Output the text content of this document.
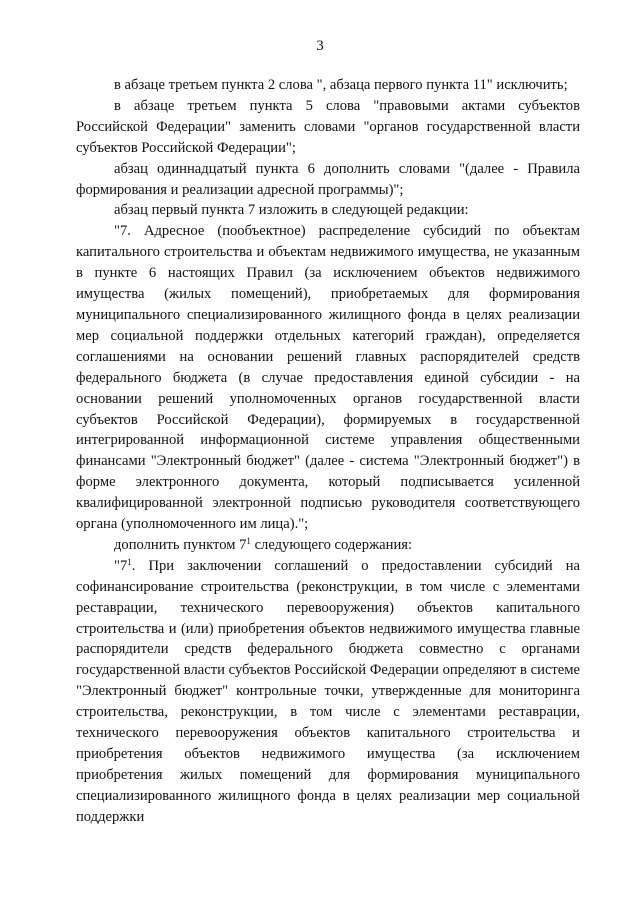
3

в абзаце третьем пункта 2 слова ", абзаца первого пункта 11" исключить;

в абзаце третьем пункта 5 слова "правовыми актами субъектов Российской Федерации" заменить словами "органов государственной власти субъектов Российской Федерации";

абзац одиннадцатый пункта 6 дополнить словами "(далее - Правила формирования и реализации адресной программы)";

абзац первый пункта 7 изложить в следующей редакции:

"7. Адресное (пообъектное) распределение субсидий по объектам капитального строительства и объектам недвижимого имущества, не указанным в пункте 6 настоящих Правил (за исключением объектов недвижимого имущества (жилых помещений), приобретаемых для формирования муниципального специализированного жилищного фонда в целях реализации мер социальной поддержки отдельных категорий граждан), определяется соглашениями на основании решений главных распорядителей средств федерального бюджета (в случае предоставления единой субсидии - на основании решений уполномоченных органов государственной власти субъектов Российской Федерации), формируемых в государственной интегрированной информационной системе управления общественными финансами "Электронный бюджет" (далее - система "Электронный бюджет") в форме электронного документа, который подписывается усиленной квалифицированной электронной подписью руководителя соответствующего органа (уполномоченного им лица).";

дополнить пунктом $7^1$ следующего содержания:

"$7^1$. При заключении соглашений о предоставлении субсидий на софинансирование строительства (реконструкции, в том числе с элементами реставрации, технического перевооружения) объектов капитального строительства и (или) приобретения объектов недвижимого имущества главные распорядители средств федерального бюджета совместно с органами государственной власти субъектов Российской Федерации определяют в системе "Электронный бюджет" контрольные точки, утвержденные для мониторинга строительства, реконструкции, в том числе с элементами реставрации, технического перевооружения объектов капитального строительства и приобретения объектов недвижимого имущества (за исключением приобретения жилых помещений для формирования муниципального специализированного жилищного фонда в целях реализации мер социальной поддержки
